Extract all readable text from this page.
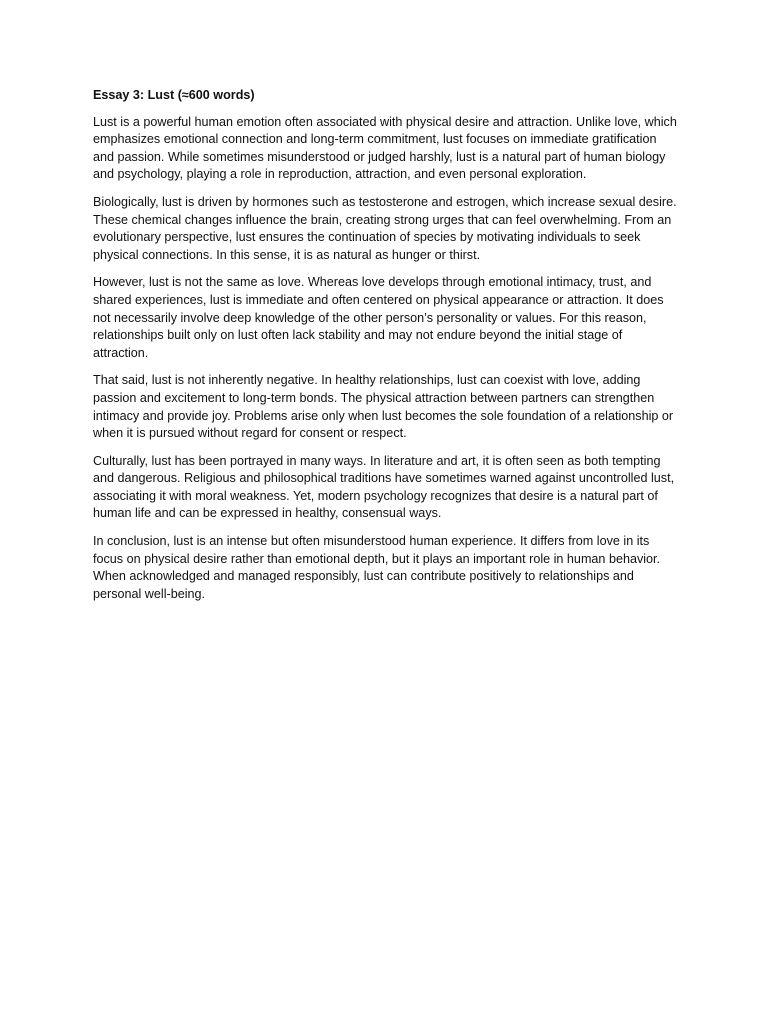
Essay 3: Lust (≈600 words)

Lust is a powerful human emotion often associated with physical desire and attraction. Unlike love, which emphasizes emotional connection and long-term commitment, lust focuses on immediate gratification and passion. While sometimes misunderstood or judged harshly, lust is a natural part of human biology and psychology, playing a role in reproduction, attraction, and even personal exploration.

Biologically, lust is driven by hormones such as testosterone and estrogen, which increase sexual desire. These chemical changes influence the brain, creating strong urges that can feel overwhelming. From an evolutionary perspective, lust ensures the continuation of species by motivating individuals to seek physical connections. In this sense, it is as natural as hunger or thirst.

However, lust is not the same as love. Whereas love develops through emotional intimacy, trust, and shared experiences, lust is immediate and often centered on physical appearance or attraction. It does not necessarily involve deep knowledge of the other person’s personality or values. For this reason, relationships built only on lust often lack stability and may not endure beyond the initial stage of attraction.

That said, lust is not inherently negative. In healthy relationships, lust can coexist with love, adding passion and excitement to long-term bonds. The physical attraction between partners can strengthen intimacy and provide joy. Problems arise only when lust becomes the sole foundation of a relationship or when it is pursued without regard for consent or respect.

Culturally, lust has been portrayed in many ways. In literature and art, it is often seen as both tempting and dangerous. Religious and philosophical traditions have sometimes warned against uncontrolled lust, associating it with moral weakness. Yet, modern psychology recognizes that desire is a natural part of human life and can be expressed in healthy, consensual ways.

In conclusion, lust is an intense but often misunderstood human experience. It differs from love in its focus on physical desire rather than emotional depth, but it plays an important role in human behavior. When acknowledged and managed responsibly, lust can contribute positively to relationships and personal well-being.
